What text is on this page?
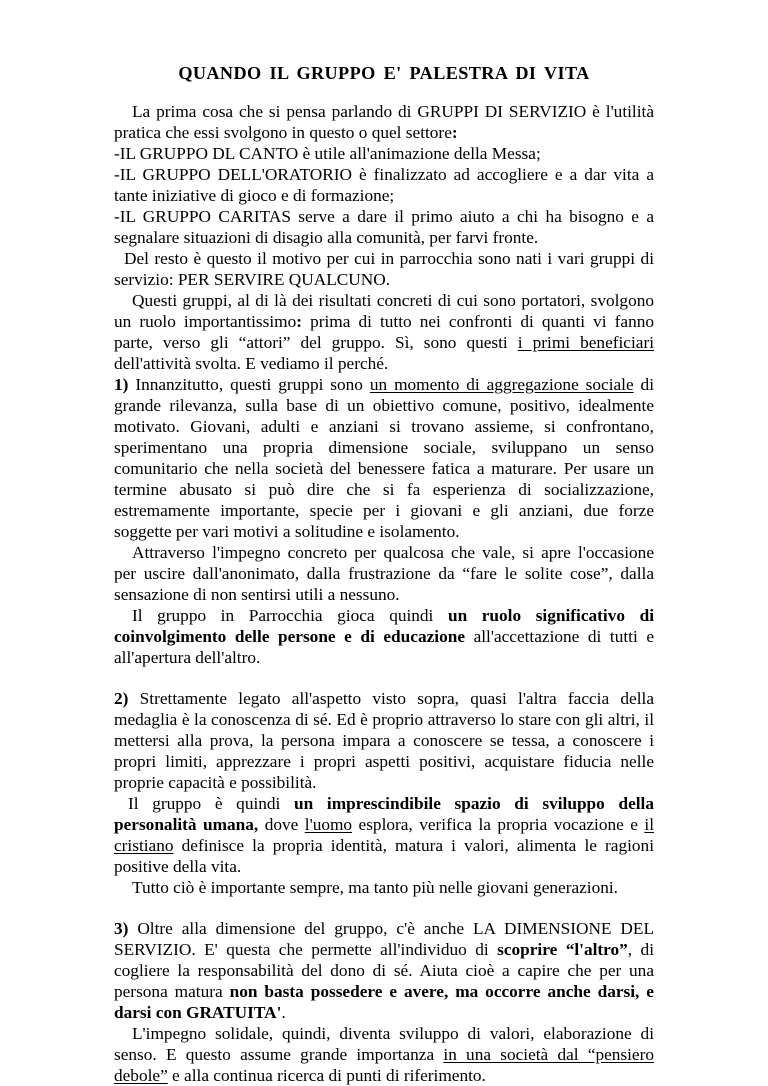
QUANDO IL GRUPPO E' PALESTRA DI VITA

La prima cosa che si pensa parlando di GRUPPI DI SERVIZIO è l'utilità pratica che essi svolgono in questo o quel settore:

-IL GRUPPO DL CANTO è utile all'animazione della Messa;

-IL GRUPPO DELL'ORATORIO è finalizzato ad accogliere e a dar vita a tante iniziative di gioco e di formazione;

-IL GRUPPO CARITAS serve a dare il primo aiuto a chi ha bisogno e a segnalare situazioni di disagio alla comunità, per farvi fronte.

Del resto è questo il motivo per cui in parrocchia sono nati i vari gruppi di servizio: PER SERVIRE QUALCUNO.

Questi gruppi, al di là dei risultati concreti di cui sono portatori, svolgono un ruolo importantissimo: prima di tutto nei confronti di quanti vi fanno parte, verso gli “attori” del gruppo. Sì, sono questi i primi beneficiari dell'attività svolta. E vediamo il perché.

1) Innanzitutto, questi gruppi sono un momento di aggregazione sociale di grande rilevanza, sulla base di un obiettivo comune, positivo, idealmente motivato. Giovani, adulti e anziani si trovano assieme, si confrontano, sperimentano una propria dimensione sociale, sviluppano un senso comunitario che nella società del benessere fatica a maturare. Per usare un termine abusato si può dire che si fa esperienza di socializzazione, estremamente importante, specie per i giovani e gli anziani, due forze soggette per vari motivi a solitudine e isolamento.

Attraverso l'impegno concreto per qualcosa che vale, si apre l'occasione per uscire dall'anonimato, dalla frustrazione da “fare le solite cose”, dalla sensazione di non sentirsi utili a nessuno.

Il gruppo in Parrocchia gioca quindi un ruolo significativo di coinvolgimento delle persone e di educazione all'accettazione di tutti e all'apertura dell'altro.

2) Strettamente legato all'aspetto visto sopra, quasi l'altra faccia della medaglia è la conoscenza di sé. Ed è proprio attraverso lo stare con gli altri, il mettersi alla prova, la persona impara a conoscere se tessa, a conoscere i propri limiti, apprezzare i propri aspetti positivi, acquistare fiducia nelle proprie capacità e possibilità.

Il gruppo è quindi un imprescindibile spazio di sviluppo della personalità umana, dove l'uomo esplora, verifica la propria vocazione e il cristiano definisce la propria identità, matura i valori, alimenta le ragioni positive della vita.

Tutto ciò è importante sempre, ma tanto più nelle giovani generazioni.

3) Oltre alla dimensione del gruppo, c'è anche LA DIMENSIONE DEL SERVIZIO. E' questa che permette all'individuo di scoprire “l'altro”, di cogliere la responsabilità del dono di sé. Aiuta cioè a capire che per una persona matura non basta possedere e avere, ma occorre anche darsi, e darsi con GRATUITA'.

L'impegno solidale, quindi, diventa sviluppo di valori, elaborazione di senso. E questo assume grande importanza in una società dal “pensiero debole” e alla continua ricerca di punti di riferimento.
